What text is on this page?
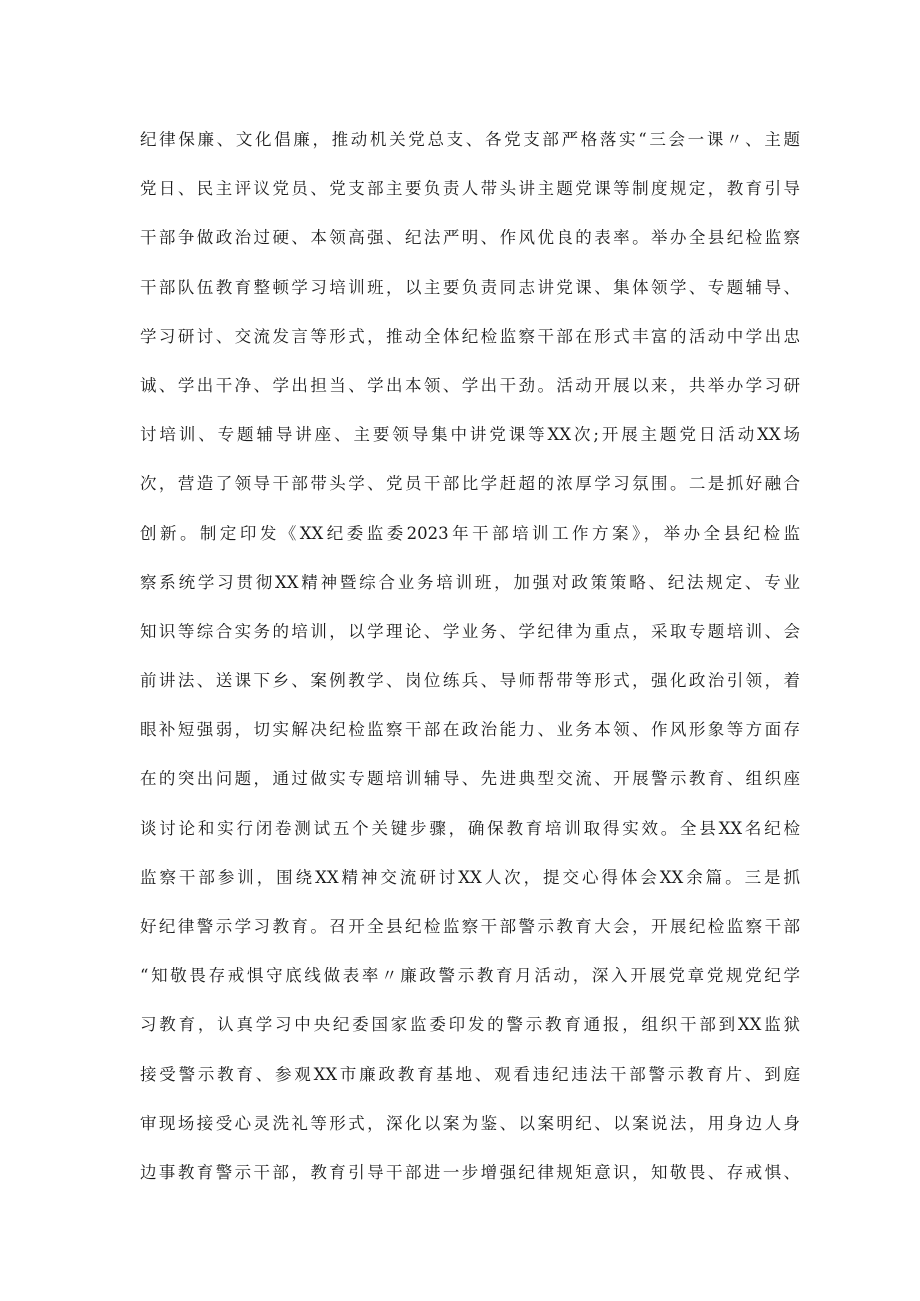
纪律保廉、文化倡廉，推动机关党总支、各党支部严格落实“三会一课〃、主题
党日、民主评议党员、党支部主要负责人带头讲主题党课等制度规定，教育引导
干部争做政治过硬、本领高强、纪法严明、作风优良的表率。举办全县纪检监察
干部队伍教育整顿学习培训班，以主要负责同志讲党课、集体领学、专题辅导、
学习研讨、交流发言等形式，推动全体纪检监察干部在形式丰富的活动中学出忠
诚、学出干净、学出担当、学出本领、学出干劲。活动开展以来，共举办学习研
讨培训、专题辅导讲座、主要领导集中讲党课等XX次;开展主题党日活动XX场
次，营造了领导干部带头学、党员干部比学赶超的浓厚学习氛围。二是抓好融合
创新。制定印发《XX纪委监委2023年干部培训工作方案》，举办全县纪检监
察系统学习贯彻XX精神暨综合业务培训班，加强对政策策略、纪法规定、专业
知识等综合实务的培训，以学理论、学业务、学纪律为重点，采取专题培训、会
前讲法、送课下乡、案例教学、岗位练兵、导师帮带等形式，强化政治引领，着
眼补短强弱，切实解决纪检监察干部在政治能力、业务本领、作风形象等方面存
在的突出问题，通过做实专题培训辅导、先进典型交流、开展警示教育、组织座
谈讨论和实行闭卷测试五个关键步骤，确保教育培训取得实效。全县XX名纪检
监察干部参训，围绕XX精神交流研讨XX人次，提交心得体会XX余篇。三是抓
好纪律警示学习教育。召开全县纪检监察干部警示教育大会，开展纪检监察干部
“知敬畏存戒惧守底线做表率〃廉政警示教育月活动，深入开展党章党规党纪学
习教育，认真学习中央纪委国家监委印发的警示教育通报，组织干部到XX监狱
接受警示教育、参观XX市廉政教育基地、观看违纪违法干部警示教育片、到庭
审现场接受心灵洗礼等形式，深化以案为鉴、以案明纪、以案说法，用身边人身
边事教育警示干部，教育引导干部进一步增强纪律规矩意识，知敬畏、存戒惧、
